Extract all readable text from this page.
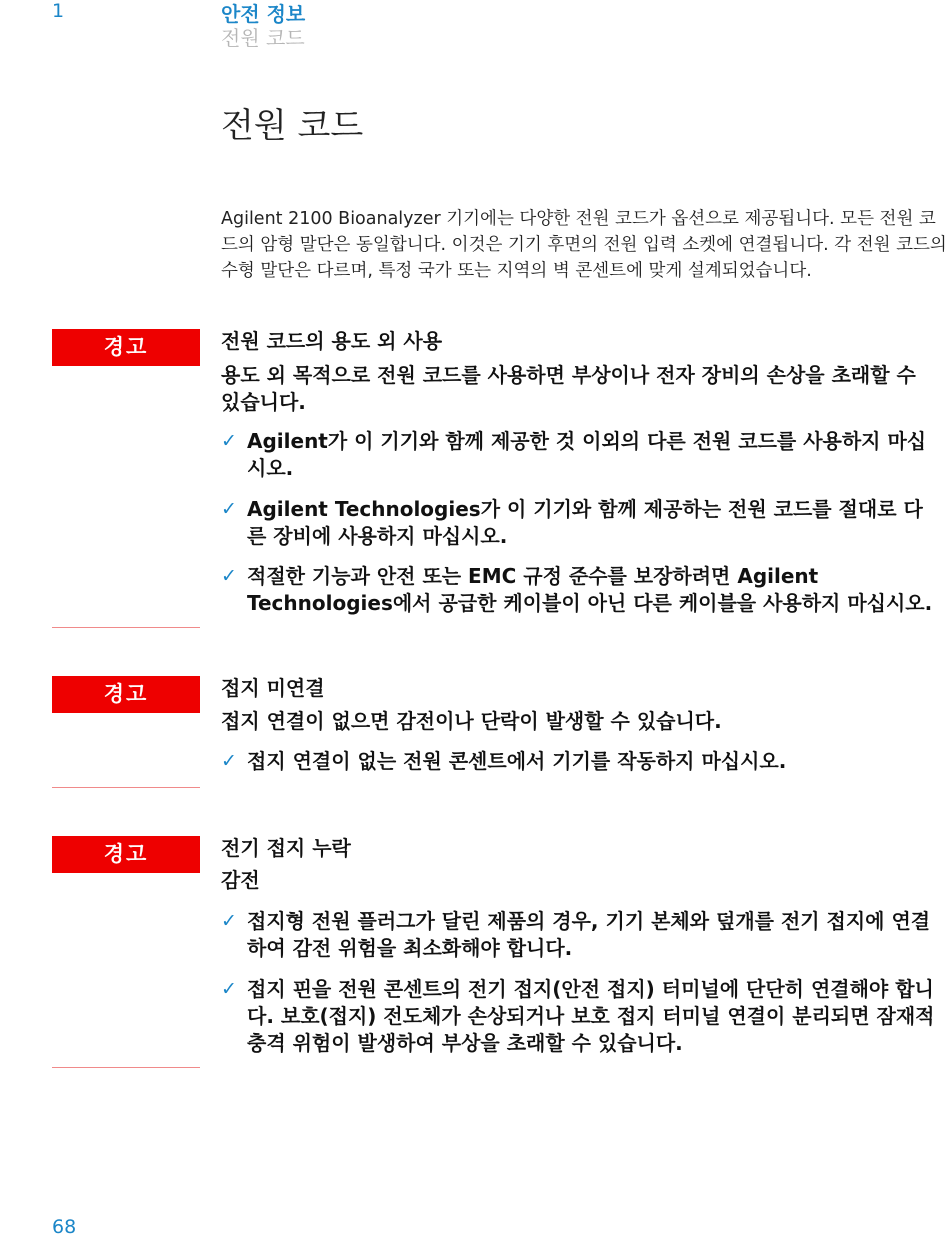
1	안전 정보
전원 코드
전원 코드
Agilent 2100 Bioanalyzer 기기에는 다양한 전원 코드가 옵션으로 제공됩니다. 모든 전원 코드의 암형 말단은 동일합니다. 이것은 기기 후면의 전원 입력 소켓에 연결됩니다. 각 전원 코드의 수형 말단은 다르며, 특정 국가 또는 지역의 벽 콘센트에 맞게 설계되었습니다.
경고	전원 코드의 용도 외 사용
용도 외 목적으로 전원 코드를 사용하면 부상이나 전자 장비의 손상을 초래할 수 있습니다.
✓ Agilent가 이 기기와 함께 제공한 것 이외의 다른 전원 코드를 사용하지 마십시오.
✓ Agilent Technologies가 이 기기와 함께 제공하는 전원 코드를 절대로 다른 장비에 사용하지 마십시오.
✓ 적절한 기능과 안전 또는 EMC 규정 준수를 보장하려면 Agilent Technologies에서 공급한 케이블이 아닌 다른 케이블을 사용하지 마십시오.
경고	접지 미연결
접지 연결이 없으면 감전이나 단락이 발생할 수 있습니다.
✓ 접지 연결이 없는 전원 콘센트에서 기기를 작동하지 마십시오.
경고	전기 접지 누락
감전
✓ 접지형 전원 플러그가 달린 제품의 경우, 기기 본체와 덮개를 전기 접지에 연결하여 감전 위험을 최소화해야 합니다.
✓ 접지 핀을 전원 콘센트의 전기 접지(안전 접지) 터미널에 단단히 연결해야 합니다. 보호(접지) 전도체가 손상되거나 보호 접지 터미널 연결이 분리되면 잠재적 충격 위험이 발생하여 부상을 초래할 수 있습니다.
68
